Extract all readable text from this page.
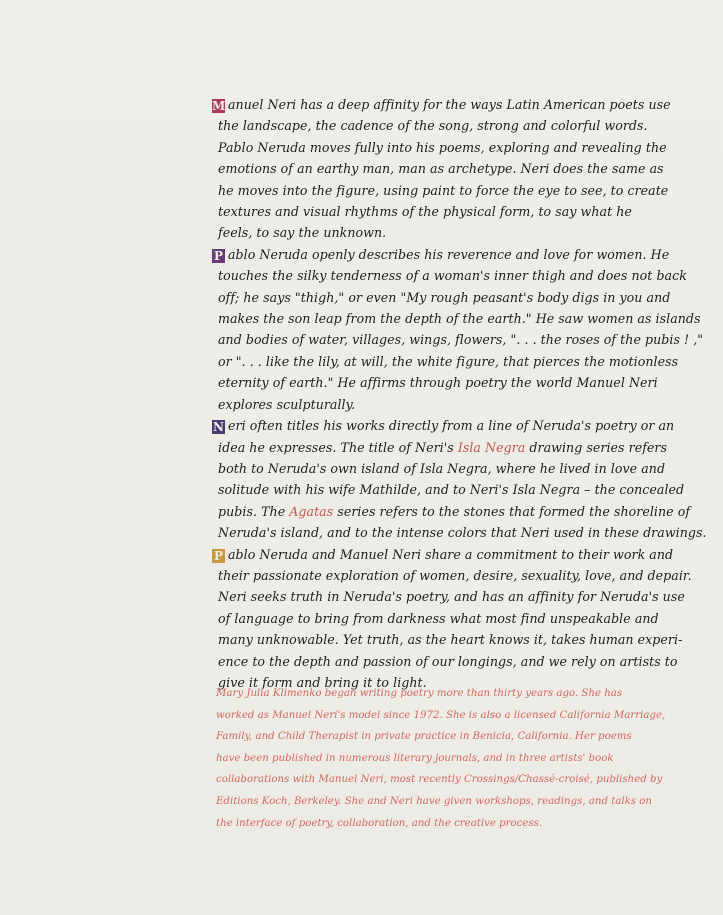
M anuel Neri has a deep affinity for the ways Latin American poets use
the landscape, the cadence of the song, strong and colorful words.
Pablo Neruda moves fully into his poems, exploring and revealing the
emotions of an earthy man, man as archetype. Neri does the same as
he moves into the figure, using paint to force the eye to see, to create
textures and visual rhythms of the physical form, to say what he
feels, to say the unknown.
P ablo Neruda openly describes his reverence and love for women. He
touches the silky tenderness of a woman's inner thigh and does not back
off; he says "thigh," or even "My rough peasant's body digs in you and
makes the son leap from the depth of the earth." He saw women as islands
and bodies of water, villages, wings, flowers, ". . . the roses of the pubis ! ,"
or ". . . like the lily, at will, the white figure, that pierces the motionless
eternity of earth." He affirms through poetry the world Manuel Neri
explores sculpturally.
N eri often titles his works directly from a line of Neruda's poetry or an
idea he expresses. The title of Neri's Isla Negra drawing series refers
both to Neruda's own island of Isla Negra, where he lived in love and
solitude with his wife Mathilde, and to Neri's Isla Negra – the concealed
pubis. The Agatas series refers to the stones that formed the shoreline of
Neruda's island, and to the intense colors that Neri used in these drawings.
P ablo Neruda and Manuel Neri share a commitment to their work and
their passionate exploration of women, desire, sexuality, love, and depair.
Neri seeks truth in Neruda's poetry, and has an affinity for Neruda's use
of language to bring from darkness what most find unspeakable and
many unknowable. Yet truth, as the heart knows it, takes human experi-
ence to the depth and passion of our longings, and we rely on artists to
give it form and bring it to light.
Mary Julia Klimenko began writing poetry more than thirty years ago. She has
worked as Manuel Neri's model since 1972. She is also a licensed California Marriage,
Family, and Child Therapist in private practice in Benicia, California. Her poems
have been published in numerous literary journals, and in three artists' book
collaborations with Manuel Neri, most recently Crossings/Chassé-croisé, published by
Editions Koch, Berkeley. She and Neri have given workshops, readings, and talks on
the interface of poetry, collaboration, and the creative process.
